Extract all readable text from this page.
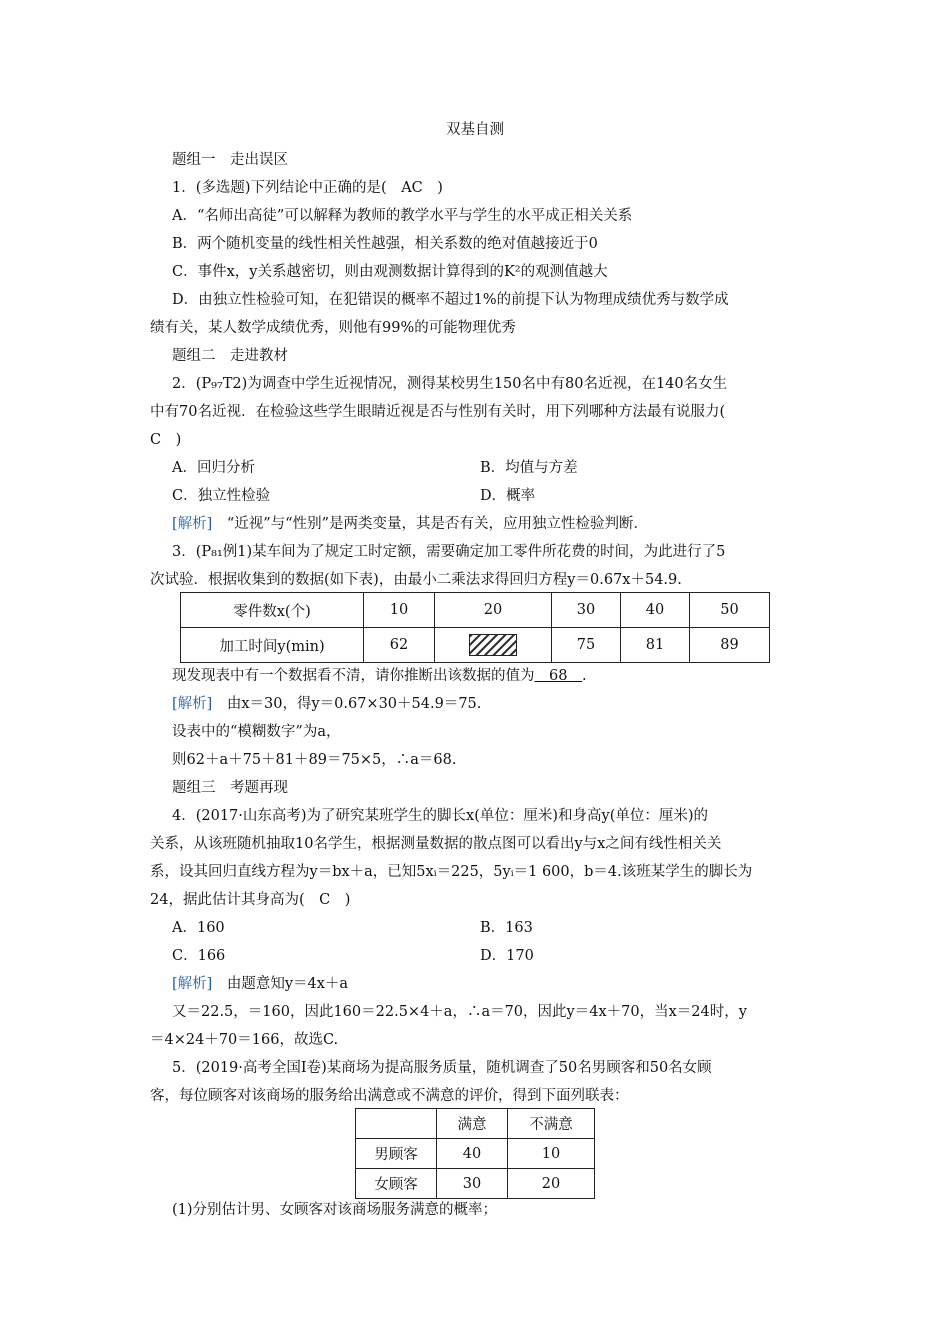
双基自测
题组一　走出误区
1．(多选题)下列结论中正确的是(　AC　)
A．“名师出高徒”可以解释为教师的教学水平与学生的水平成正相关关系
B．两个随机变量的线性相关性越强，相关系数的绝对值越接近于0
C．事件x，y关系越密切，则由观测数据计算得到的K²的观测值越大
D．由独立性检验可知，在犯错误的概率不超过1%的前提下认为物理成绩优秀与数学成
绩有关，某人数学成绩优秀，则他有99%的可能物理优秀
题组二　走进教材
2．(P₉₇T2)为调查中学生近视情况，测得某校男生150名中有80名近视，在140名女生
中有70名近视．在检验这些学生眼睛近视是否与性别有关时，用下列哪种方法最有说服力(
C　)
A．回归分析	B．均值与方差
C．独立性检验	D．概率
[解析]　“近视”与“性别”是两类变量，其是否有关，应用独立性检验判断．
3．(P₈₁例1)某车间为了规定工时定额，需要确定加工零件所花费的时间，为此进行了5
次试验．根据收集到的数据(如下表)，由最小二乘法求得回归方程y＝0.67x＋54.9.
零件数x(个)	10	20	30	40	50
加工时间y(min)	62		75	81	89
现发现表中有一个数据看不清，请你推断出该数据的值为　68　.
[解析]　由x＝30，得y＝0.67×30＋54.9＝75.
设表中的“模糊数字”为a，
则62＋a＋75＋81＋89＝75×5，∴a＝68.
题组三　考题再现
4．(2017·山东高考)为了研究某班学生的脚长x(单位：厘米)和身高y(单位：厘米)的
关系，从该班随机抽取10名学生，根据测量数据的散点图可以看出y与x之间有线性相关关
系，设其回归直线方程为y＝bx＋a，已知5xᵢ＝225，5yᵢ＝1 600，b＝4.该班某学生的脚长为
24，据此估计其身高为(　C　)
A．160	B．163
C．166	D．170
[解析]　由题意知y＝4x＋a
又＝22.5，＝160，因此160＝22.5×4＋a，∴a＝70，因此y＝4x＋70，当x＝24时，y
＝4×24＋70＝166，故选C.
5．(2019·高考全国Ⅰ卷)某商场为提高服务质量，随机调查了50名男顾客和50名女顾
客，每位顾客对该商场的服务给出满意或不满意的评价，得到下面列联表：
	满意	不满意
男顾客	40	10
女顾客	30	20
(1)分别估计男、女顾客对该商场服务满意的概率；
